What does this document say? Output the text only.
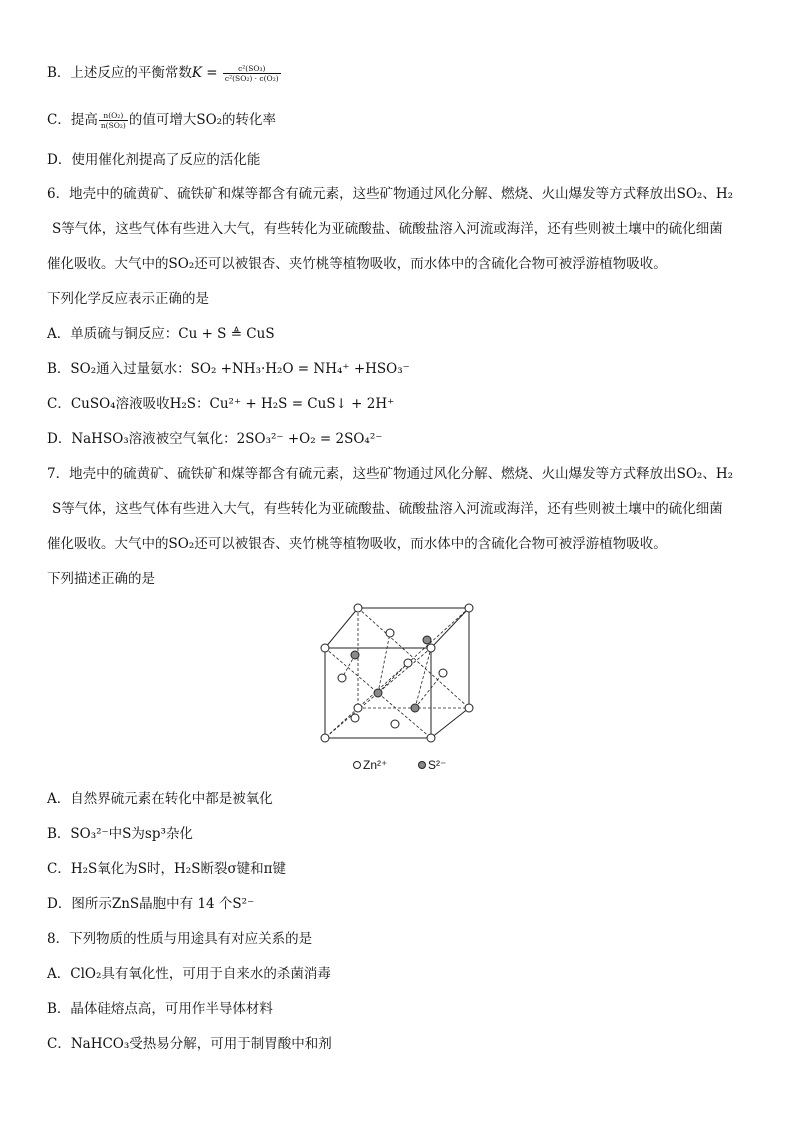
B．上述反应的平衡常数$K = \frac{\text{c²(SO₃)}}{\text{c²(SO₂) · c(O₂)}}$
C．提高 $\frac{\text{n(O₂)}}{\text{n(SO₂)}}$ 的值可增大SO₂的转化率
D．使用催化剂提高了反应的活化能
6．地壳中的硫黄矿、硫铁矿和煤等都含有硫元素，这些矿物通过风化分解、燃烧、火山爆发等方式释放出SO₂、H₂
S等气体，这些气体有些进入大气，有些转化为亚硫酸盐、硫酸盐溶入河流或海洋，还有些则被土壤中的硫化细菌
催化吸收。大气中的SO₂还可以被银杏、夹竹桃等植物吸收，而水体中的含硫化合物可被浮游植物吸收。
下列化学反应表示正确的是
A．单质硫与铜反应：Cu + S ≜ CuS
B．SO₂通入过量氨水：SO₂ +NH₃·H₂O = NH₄⁺ +HSO₃⁻
C．CuSO₄溶液吸收H₂S：Cu²⁺ + H₂S = CuS↓ + 2H⁺
D．NaHSO₃溶液被空气氧化：2SO₃²⁻ +O₂ = 2SO₄²⁻
7．地壳中的硫黄矿、硫铁矿和煤等都含有硫元素，这些矿物通过风化分解、燃烧、火山爆发等方式释放出SO₂、H₂
S等气体，这些气体有些进入大气，有些转化为亚硫酸盐、硫酸盐溶入河流或海洋，还有些则被土壤中的硫化细菌
催化吸收。大气中的SO₂还可以被银杏、夹竹桃等植物吸收，而水体中的含硫化合物可被浮游植物吸收。
下列描述正确的是
Zn²⁺	S²⁻
A．自然界硫元素在转化中都是被氧化
B．SO₃²⁻中S为sp³杂化
C．H₂S氧化为S时，H₂S断裂σ键和π键
D．图所示ZnS晶胞中有 14 个S²⁻
8．下列物质的性质与用途具有对应关系的是
A．ClO₂具有氧化性，可用于自来水的杀菌消毒
B．晶体硅熔点高，可用作半导体材料
C．NaHCO₃受热易分解，可用于制胃酸中和剂
